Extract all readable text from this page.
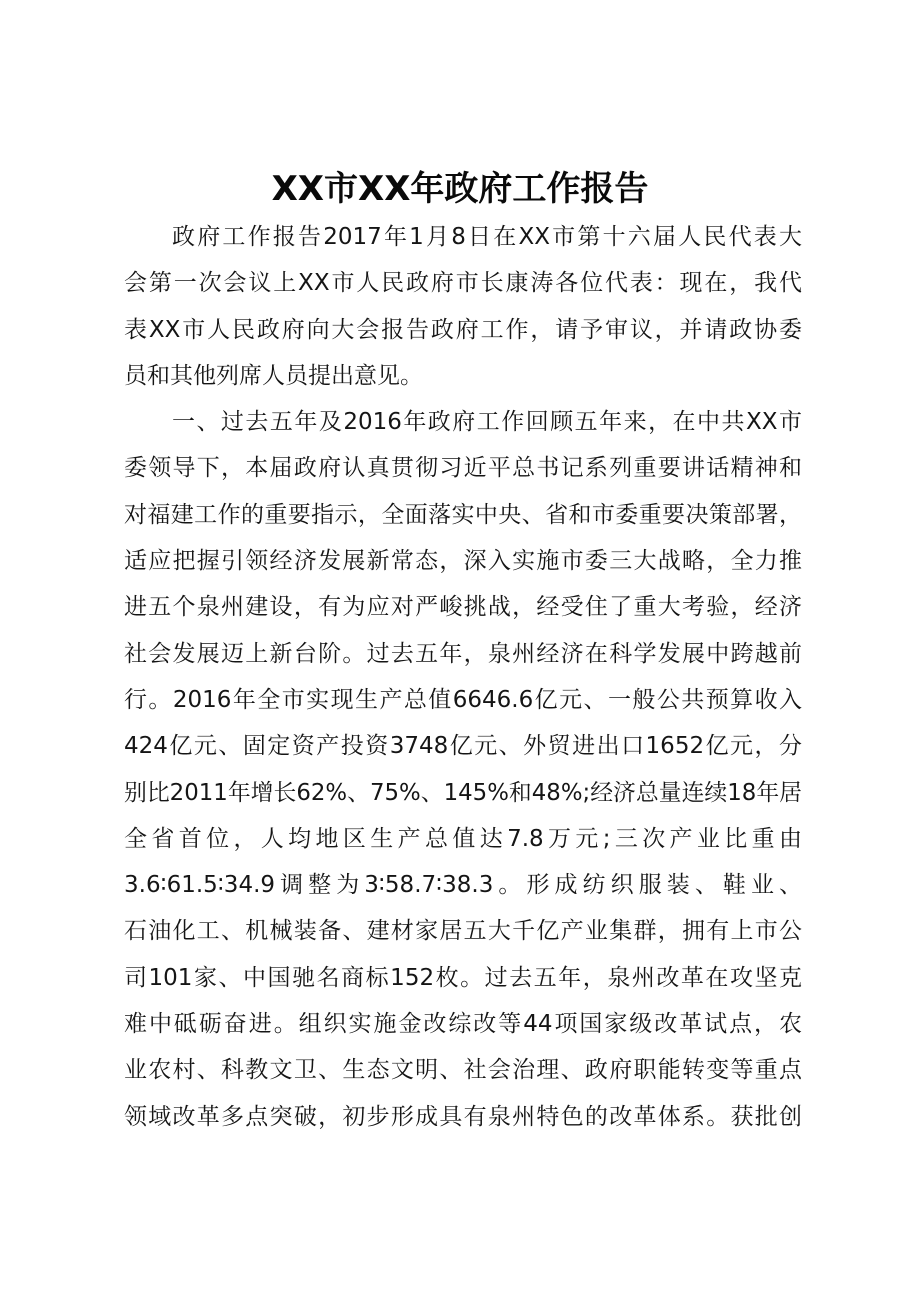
XX市XX年政府工作报告
政府工作报告2017年1月8日在XX市第十六届人民代表大
会第一次会议上XX市人民政府市长康涛各位代表：现在，我代
表XX市人民政府向大会报告政府工作，请予审议，并请政协委
员和其他列席人员提出意见。
一、过去五年及2016年政府工作回顾五年来，在中共XX市
委领导下，本届政府认真贯彻习近平总书记系列重要讲话精神和
对福建工作的重要指示，全面落实中央、省和市委重要决策部署，
适应把握引领经济发展新常态，深入实施市委三大战略，全力推
进五个泉州建设，有为应对严峻挑战，经受住了重大考验，经济
社会发展迈上新台阶。过去五年，泉州经济在科学发展中跨越前
行。2016年全市实现生产总值6646.6亿元、一般公共预算收入
424亿元、固定资产投资3748亿元、外贸进出口1652亿元，分
别比2011年增长62%、75%、145%和48%;经济总量连续18年居
全省首位，人均地区生产总值达7.8万元;三次产业比重由
3.6∶61.5∶34.9调整为3∶58.7∶38.3。形成纺织服装、鞋业、
石油化工、机械装备、建材家居五大千亿产业集群，拥有上市公
司101家、中国驰名商标152枚。过去五年，泉州改革在攻坚克
难中砥砺奋进。组织实施金改综改等44项国家级改革试点，农
业农村、科教文卫、生态文明、社会治理、政府职能转变等重点
领域改革多点突破，初步形成具有泉州特色的改革体系。获批创
